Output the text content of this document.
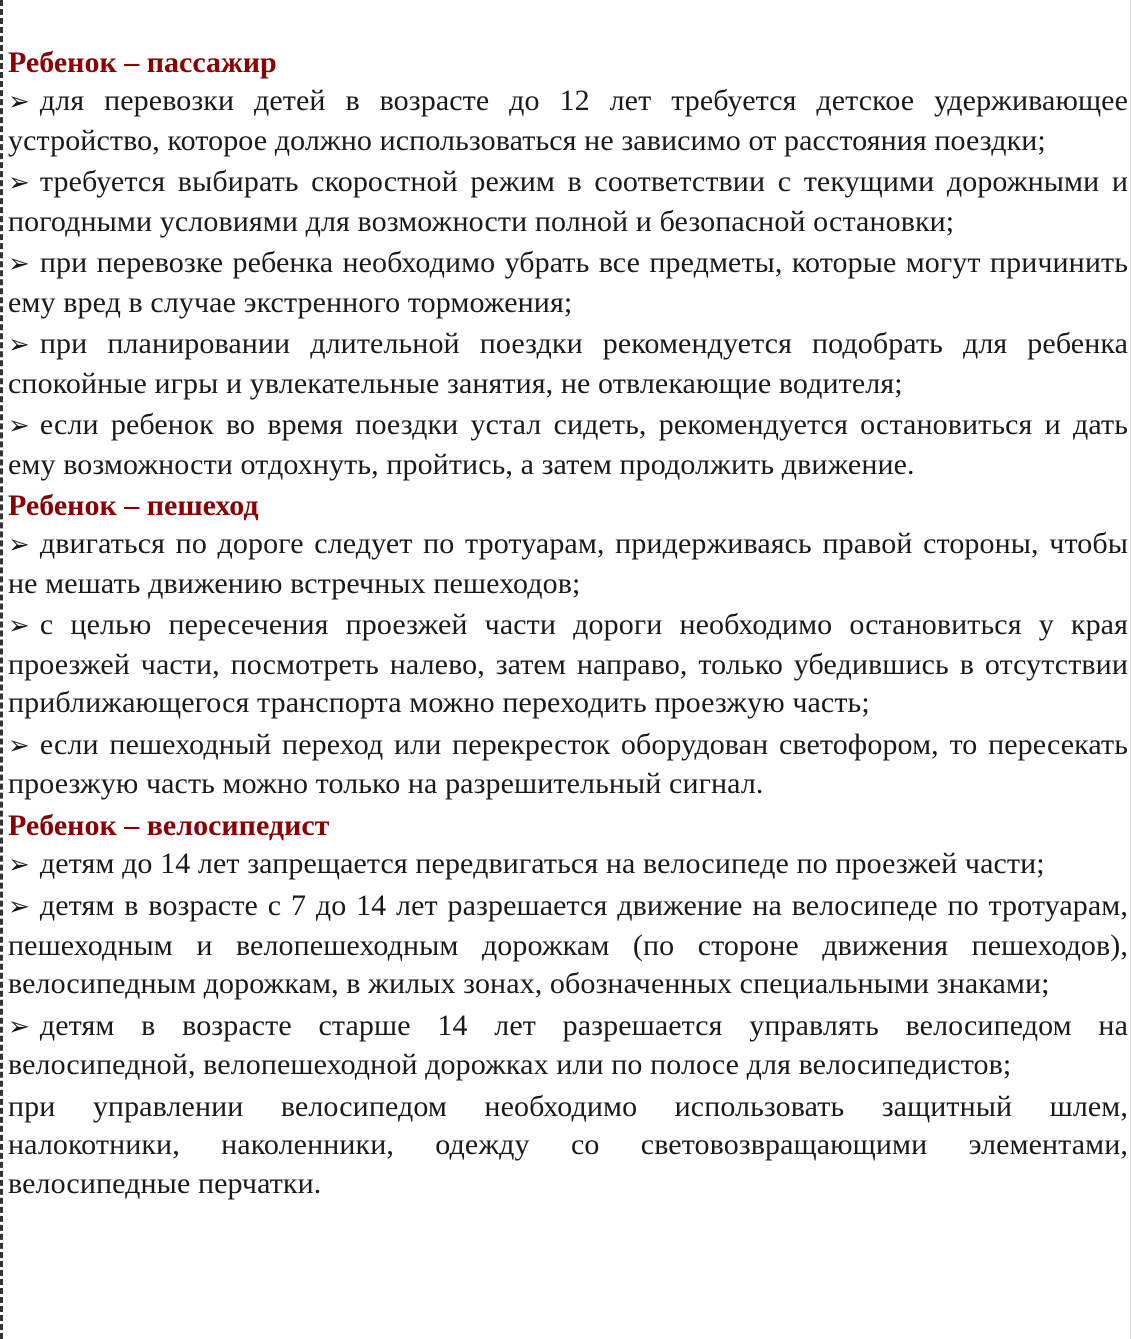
Ребенок – пассажир

➢ для перевозки детей в возрасте до 12 лет требуется детское удерживающее устройство, которое должно использоваться не зависимо от расстояния поездки;

➢ требуется выбирать скоростной режим в соответствии с текущими дорожными и погодными условиями для возможности полной и безопасной остановки;

➢ при перевозке ребенка необходимо убрать все предметы, которые могут причинить ему вред в случае экстренного торможения;

➢ при планировании длительной поездки рекомендуется подобрать для ребенка спокойные игры и увлекательные занятия, не отвлекающие водителя;

➢ если ребенок во время поездки устал сидеть, рекомендуется остановиться и дать ему возможности отдохнуть, пройтись, а затем продолжить движение.

Ребенок – пешеход

➢ двигаться по дороге следует по тротуарам, придерживаясь правой стороны, чтобы не мешать движению встречных пешеходов;

➢ с целью пересечения проезжей части дороги необходимо остановиться у края проезжей части, посмотреть налево, затем направо, только убедившись в отсутствии приближающегося транспорта можно переходить проезжую часть;

➢ если пешеходный переход или перекресток оборудован светофором, то пересекать проезжую часть можно только на разрешительный сигнал.

Ребенок – велосипедист

➢ детям до 14 лет запрещается передвигаться на велосипеде по проезжей части;

➢ детям в возрасте с 7 до 14 лет разрешается движение на велосипеде по тротуарам, пешеходным и велопешеходным дорожкам (по стороне движения пешеходов), велосипедным дорожкам, в жилых зонах, обозначенных специальными знаками;

➢ детям в возрасте старше 14 лет разрешается управлять велосипедом на велосипедной, велопешеходной дорожках или по полосе для велосипедистов;

при управлении велосипедом необходимо использовать защитный шлем, налокотники, наколенники, одежду со световозвращающими элементами, велосипедные перчатки.
